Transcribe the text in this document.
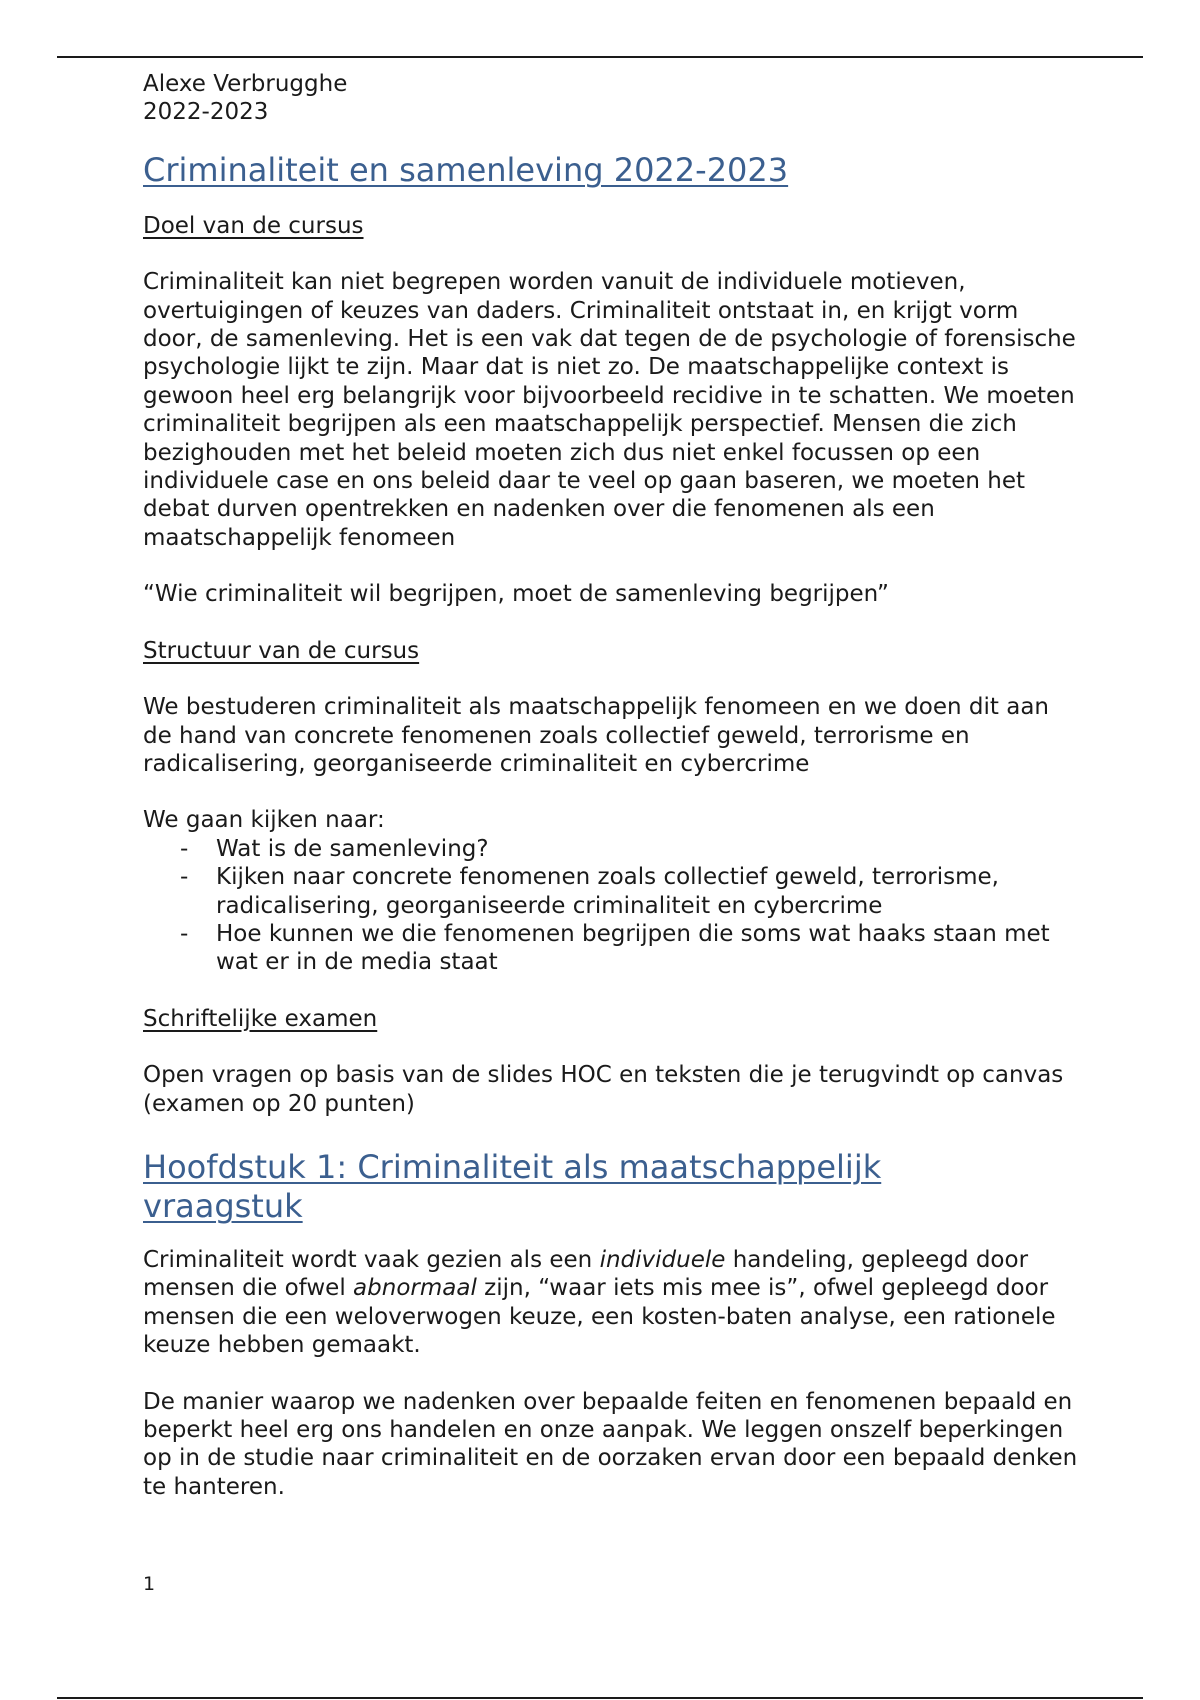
Alexe Verbrugghe

2022-2023

Criminaliteit en samenleving 2022-2023
Doel van de cursus

Criminaliteit kan niet begrepen worden vanuit de individuele motieven, overtuigingen of keuzes van daders. Criminaliteit ontstaat in, en krijgt vorm door, de samenleving. Het is een vak dat tegen de de psychologie of forensische psychologie lijkt te zijn. Maar dat is niet zo. De maatschappelijke context is gewoon heel erg belangrijk voor bijvoorbeeld recidive in te schatten. We moeten criminaliteit begrijpen als een maatschappelijk perspectief. Mensen die zich bezighouden met het beleid moeten zich dus niet enkel focussen op een individuele case en ons beleid daar te veel op gaan baseren, we moeten het debat durven opentrekken en nadenken over die fenomenen als een maatschappelijk fenomeen

“Wie criminaliteit wil begrijpen, moet de samenleving begrijpen”

Structuur van de cursus

We bestuderen criminaliteit als maatschappelijk fenomeen en we doen dit aan de hand van concrete fenomenen zoals collectief geweld, terrorisme en radicalisering, georganiseerde criminaliteit en cybercrime

We gaan kijken naar:

- Wat is de samenleving?
- Kijken naar concrete fenomenen zoals collectief geweld, terrorisme, radicalisering, georganiseerde criminaliteit en cybercrime
- Hoe kunnen we die fenomenen begrijpen die soms wat haaks staan met wat er in de media staat
Schriftelijke examen

Open vragen op basis van de slides HOC en teksten die je terugvindt op canvas (examen op 20 punten)

Hoofdstuk 1: Criminaliteit als maatschappelijk
vraagstuk

Criminaliteit wordt vaak gezien als een individuele handeling, gepleegd door mensen die ofwel abnormaal zijn, “waar iets mis mee is”, ofwel gepleegd door mensen die een weloverwogen keuze, een kosten-baten analyse, een rationele keuze hebben gemaakt.

De manier waarop we nadenken over bepaalde feiten en fenomenen bepaald en beperkt heel erg ons handelen en onze aanpak. We leggen onszelf beperkingen op in de studie naar criminaliteit en de oorzaken ervan door een bepaald denken te hanteren.

1
